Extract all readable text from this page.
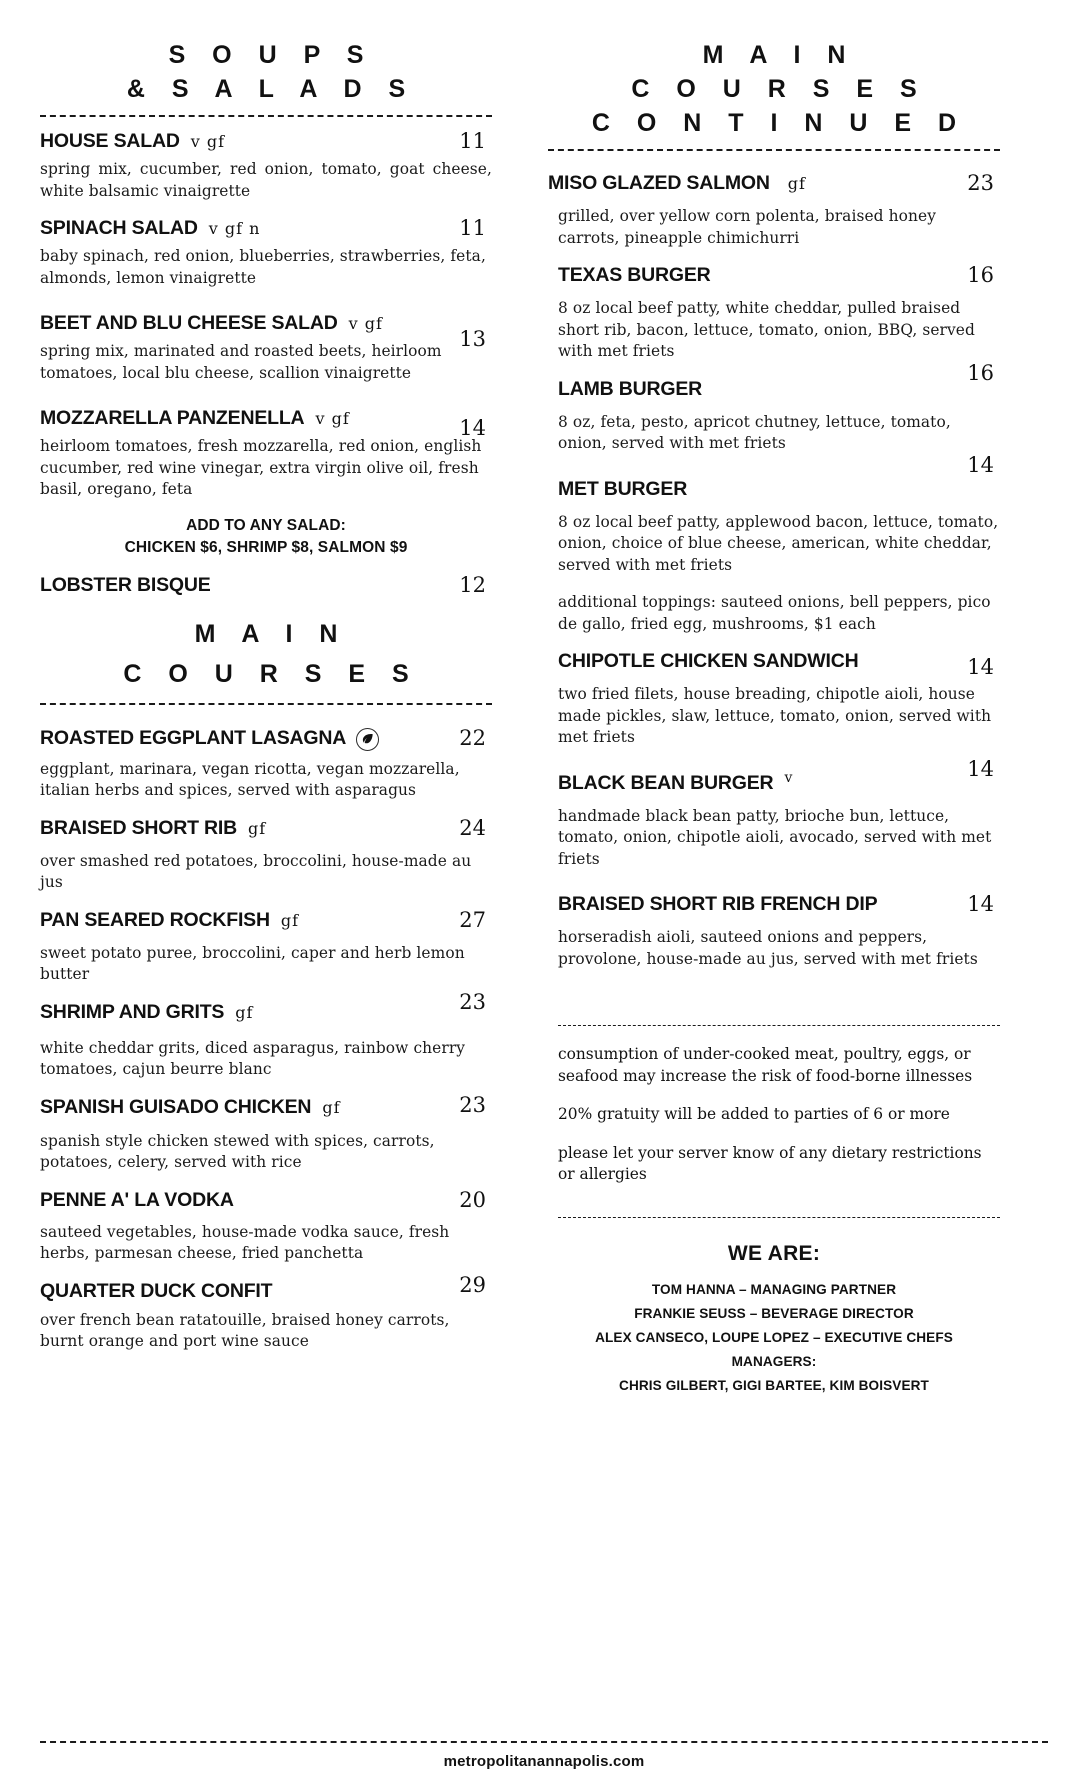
S O U P S
& S A L A D S
HOUSE SALAD v gf	11
spring mix, cucumber, red onion, tomato, goat cheese, white balsamic vinaigrette
SPINACH SALAD v gf n	11
baby spinach, red onion, blueberries, strawberries, feta, almonds, lemon vinaigrette
BEET AND BLU CHEESE SALAD v gf
13
spring mix, marinated and roasted beets, heirloom tomatoes, local blu cheese, scallion vinaigrette
MOZZARELLA PANZENELLA v gf	14
heirloom tomatoes, fresh mozzarella, red onion, english cucumber, red wine vinegar, extra virgin olive oil, fresh basil, oregano, feta
ADD TO ANY SALAD:
CHICKEN $6, SHRIMP $8, SALMON $9
LOBSTER BISQUE	12
M A I N
C O U R S E S
ROASTED EGGPLANT LASAGNA	22
eggplant, marinara, vegan ricotta, vegan mozzarella, italian herbs and spices, served with asparagus
BRAISED SHORT RIB gf	24
over smashed red potatoes, broccolini, house-made au jus
PAN SEARED ROCKFISH gf	27
sweet potato puree, broccolini, caper and herb lemon butter
SHRIMP AND GRITS gf	23
white cheddar grits, diced asparagus, rainbow cherry tomatoes, cajun beurre blanc
SPANISH GUISADO CHICKEN gf	23
spanish style chicken stewed with spices, carrots, potatoes, celery, served with rice
PENNE A' LA VODKA	20
sauteed vegetables, house-made vodka sauce, fresh herbs, parmesan cheese, fried panchetta
QUARTER DUCK CONFIT	29
over french bean ratatouille, braised honey carrots, burnt orange and port wine sauce
M A I N
C O U R S E S
C O N T I N U E D
MISO GLAZED SALMON gf	23
grilled, over yellow corn polenta, braised honey carrots, pineapple chimichurri
TEXAS BURGER	16
8 oz local beef patty, white cheddar, pulled braised short rib, bacon, lettuce, tomato, onion, BBQ, served with met friets
LAMB BURGER
16
8 oz, feta, pesto, apricot chutney, lettuce, tomato, onion, served with met friets
MET BURGER
14
8 oz local beef patty, applewood bacon, lettuce, tomato, onion, choice of blue cheese, american, white cheddar, served with met friets
additional toppings: sauteed onions, bell peppers, pico de gallo, fried egg, mushrooms, $1 each
CHIPOTLE CHICKEN SANDWICH	14
two fried filets, house breading, chipotle aioli, house made pickles, slaw, lettuce, tomato, onion, served with met friets
BLACK BEAN BURGER v	14
handmade black bean patty, brioche bun, lettuce, tomato, onion, chipotle aioli, avocado, served with met friets
BRAISED SHORT RIB FRENCH DIP	14
horseradish aioli, sauteed onions and peppers, provolone, house-made au jus, served with met friets
consumption of under-cooked meat, poultry, eggs, or seafood may increase the risk of food-borne illnesses
20% gratuity will be added to parties of 6 or more
please let your server know of any dietary restrictions or allergies
WE ARE:
TOM HANNA – MANAGING PARTNER
FRANKIE SEUSS – BEVERAGE DIRECTOR
ALEX CANSECO, LOUPE LOPEZ – EXECUTIVE CHEFS
MANAGERS:
CHRIS GILBERT, GIGI BARTEE, KIM BOISVERT
metropolitanannapolis.com
